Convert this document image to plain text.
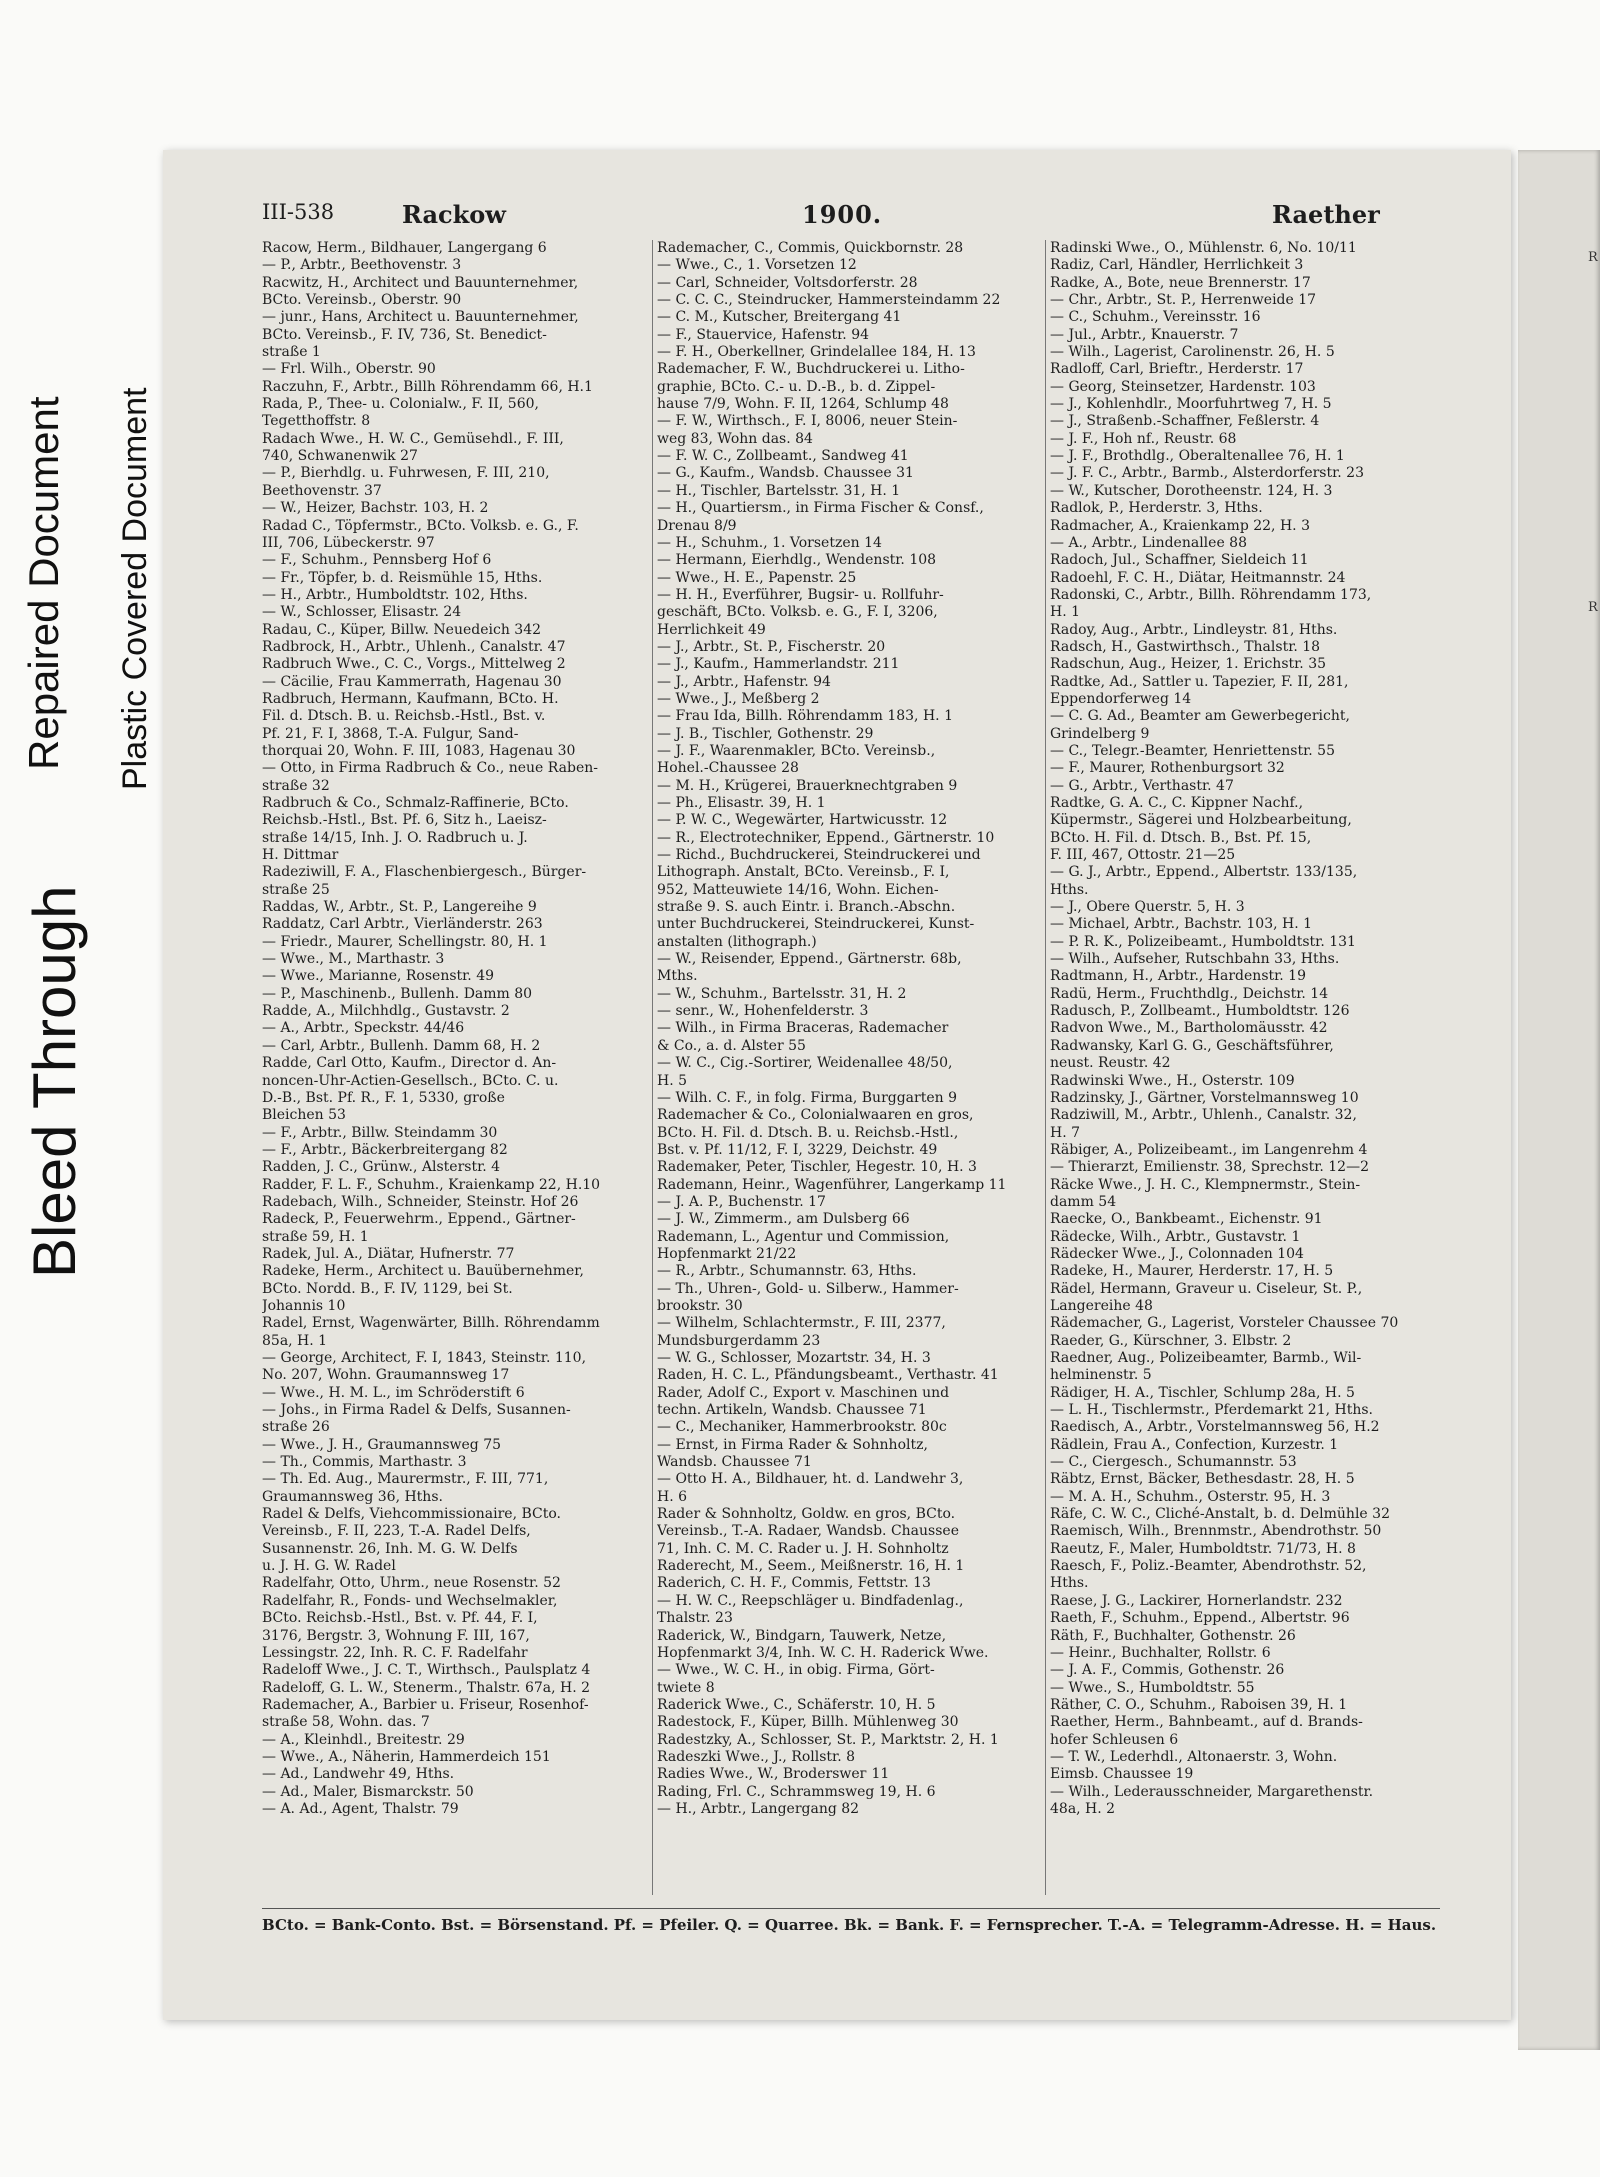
R
R
Bleed Through
Repaired Document Plastic Covered Document
III-538	Rackow	1900.	Raether
Racow, Herm., Bildhauer, Langergang 6
— P., Arbtr., Beethovenstr. 3
Racwitz, H., Architect und Bauunternehmer,
BCto. Vereinsb., Oberstr. 90
— junr., Hans, Architect u. Bauunternehmer,
BCto. Vereinsb., F. IV, 736, St. Benedict-
straße 1
— Frl. Wilh., Oberstr. 90
Raczuhn, F., Arbtr., Billh Röhrendamm 66, H.1
Rada, P., Thee- u. Colonialw., F. II, 560,
Tegetthoffstr. 8
Radach Wwe., H. W. C., Gemüsehdl., F. III,
740, Schwanenwik 27
— P., Bierhdlg. u. Fuhrwesen, F. III, 210,
Beethovenstr. 37
— W., Heizer, Bachstr. 103, H. 2
Radad C., Töpfermstr., BCto. Volksb. e. G., F.
III, 706, Lübeckerstr. 97
— F., Schuhm., Pennsberg Hof 6
— Fr., Töpfer, b. d. Reismühle 15, Hths.
— H., Arbtr., Humboldtstr. 102, Hths.
— W., Schlosser, Elisastr. 24
Radau, C., Küper, Billw. Neuedeich 342
Radbrock, H., Arbtr., Uhlenh., Canalstr. 47
Radbruch Wwe., C. C., Vorgs., Mittelweg 2
— Cäcilie, Frau Kammerrath, Hagenau 30
Radbruch, Hermann, Kaufmann, BCto. H.
Fil. d. Dtsch. B. u. Reichsb.-Hstl., Bst. v.
Pf. 21, F. I, 3868, T.-A. Fulgur, Sand-
thorquai 20, Wohn. F. III, 1083, Hagenau 30
— Otto, in Firma Radbruch & Co., neue Raben-
straße 32
Radbruch & Co., Schmalz-Raffinerie, BCto.
Reichsb.-Hstl., Bst. Pf. 6, Sitz h., Laeisz-
straße 14/15, Inh. J. O. Radbruch u. J.
H. Dittmar
Radeziwill, F. A., Flaschenbiergesch., Bürger-
straße 25
Raddas, W., Arbtr., St. P., Langereihe 9
Raddatz, Carl Arbtr., Vierländerstr. 263
— Friedr., Maurer, Schellingstr. 80, H. 1
— Wwe., M., Marthastr. 3
— Wwe., Marianne, Rosenstr. 49
— P., Maschinenb., Bullenh. Damm 80
Radde, A., Milchhdlg., Gustavstr. 2
— A., Arbtr., Speckstr. 44/46
— Carl, Arbtr., Bullenh. Damm 68, H. 2
Radde, Carl Otto, Kaufm., Director d. An-
noncen-Uhr-Actien-Gesellsch., BCto. C. u.
D.-B., Bst. Pf. R., F. 1, 5330, große
Bleichen 53
— F., Arbtr., Billw. Steindamm 30
— F., Arbtr., Bäckerbreitergang 82
Radden, J. C., Grünw., Alsterstr. 4
Radder, F. L. F., Schuhm., Kraienkamp 22, H.10
Radebach, Wilh., Schneider, Steinstr. Hof 26
Radeck, P., Feuerwehrm., Eppend., Gärtner-
straße 59, H. 1
Radek, Jul. A., Diätar, Hufnerstr. 77
Radeke, Herm., Architect u. Bauübernehmer,
BCto. Nordd. B., F. IV, 1129, bei St.
Johannis 10
Radel, Ernst, Wagenwärter, Billh. Röhrendamm
85a, H. 1
— George, Architect, F. I, 1843, Steinstr. 110,
No. 207, Wohn. Graumannsweg 17
— Wwe., H. M. L., im Schröderstift 6
— Johs., in Firma Radel & Delfs, Susannen-
straße 26
— Wwe., J. H., Graumannsweg 75
— Th., Commis, Marthastr. 3
— Th. Ed. Aug., Maurermstr., F. III, 771,
Graumannsweg 36, Hths.
Radel & Delfs, Viehcommissionaire, BCto.
Vereinsb., F. II, 223, T.-A. Radel Delfs,
Susannenstr. 26, Inh. M. G. W. Delfs
u. J. H. G. W. Radel
Radelfahr, Otto, Uhrm., neue Rosenstr. 52
Radelfahr, R., Fonds- und Wechselmakler,
BCto. Reichsb.-Hstl., Bst. v. Pf. 44, F. I,
3176, Bergstr. 3, Wohnung F. III, 167,
Lessingstr. 22, Inh. R. C. F. Radelfahr
Radeloff Wwe., J. C. T., Wirthsch., Paulsplatz 4
Radeloff, G. L. W., Stenerm., Thalstr. 67a, H. 2
Rademacher, A., Barbier u. Friseur, Rosenhof-
straße 58, Wohn. das. 7
— A., Kleinhdl., Breitestr. 29
— Wwe., A., Näherin, Hammerdeich 151
— Ad., Landwehr 49, Hths.
— Ad., Maler, Bismarckstr. 50
— A. Ad., Agent, Thalstr. 79
Rademacher, C., Commis, Quickbornstr. 28
— Wwe., C., 1. Vorsetzen 12
— Carl, Schneider, Voltsdorferstr. 28
— C. C. C., Steindrucker, Hammersteindamm 22
— C. M., Kutscher, Breitergang 41
— F., Stauervice, Hafenstr. 94
— F. H., Oberkellner, Grindelallee 184, H. 13
Rademacher, F. W., Buchdruckerei u. Litho-
graphie, BCto. C.- u. D.-B., b. d. Zippel-
hause 7/9, Wohn. F. II, 1264, Schlump 48
— F. W., Wirthsch., F. I, 8006, neuer Stein-
weg 83, Wohn das. 84
— F. W. C., Zollbeamt., Sandweg 41
— G., Kaufm., Wandsb. Chaussee 31
— H., Tischler, Bartelsstr. 31, H. 1
— H., Quartiersm., in Firma Fischer & Consf.,
Drenau 8/9
— H., Schuhm., 1. Vorsetzen 14
— Hermann, Eierhdlg., Wendenstr. 108
— Wwe., H. E., Papenstr. 25
— H. H., Everführer, Bugsir- u. Rollfuhr-
geschäft, BCto. Volksb. e. G., F. I, 3206,
Herrlichkeit 49
— J., Arbtr., St. P., Fischerstr. 20
— J., Kaufm., Hammerlandstr. 211
— J., Arbtr., Hafenstr. 94
— Wwe., J., Meßberg 2
— Frau Ida, Billh. Röhrendamm 183, H. 1
— J. B., Tischler, Gothenstr. 29
— J. F., Waarenmakler, BCto. Vereinsb.,
Hohel.-Chaussee 28
— M. H., Krügerei, Brauerknechtgraben 9
— Ph., Elisastr. 39, H. 1
— P. W. C., Wegewärter, Hartwicusstr. 12
— R., Electrotechniker, Eppend., Gärtnerstr. 10
— Richd., Buchdruckerei, Steindruckerei und
Lithograph. Anstalt, BCto. Vereinsb., F. I,
952, Matteuwiete 14/16, Wohn. Eichen-
straße 9. S. auch Eintr. i. Branch.-Abschn.
unter Buchdruckerei, Steindruckerei, Kunst-
anstalten (lithograph.)
— W., Reisender, Eppend., Gärtnerstr. 68b,
Mths.
— W., Schuhm., Bartelsstr. 31, H. 2
— senr., W., Hohenfelderstr. 3
— Wilh., in Firma Braceras, Rademacher
& Co., a. d. Alster 55
— W. C., Cig.-Sortirer, Weidenallee 48/50,
H. 5
— Wilh. C. F., in folg. Firma, Burggarten 9
Rademacher & Co., Colonialwaaren en gros,
BCto. H. Fil. d. Dtsch. B. u. Reichsb.-Hstl.,
Bst. v. Pf. 11/12, F. I, 3229, Deichstr. 49
Rademaker, Peter, Tischler, Hegestr. 10, H. 3
Rademann, Heinr., Wagenführer, Langerkamp 11
— J. A. P., Buchenstr. 17
— J. W., Zimmerm., am Dulsberg 66
Rademann, L., Agentur und Commission,
Hopfenmarkt 21/22
— R., Arbtr., Schumannstr. 63, Hths.
— Th., Uhren-, Gold- u. Silberw., Hammer-
brookstr. 30
— Wilhelm, Schlachtermstr., F. III, 2377,
Mundsburgerdamm 23
— W. G., Schlosser, Mozartstr. 34, H. 3
Raden, H. C. L., Pfändungsbeamt., Verthastr. 41
Rader, Adolf C., Export v. Maschinen und
techn. Artikeln, Wandsb. Chaussee 71
— C., Mechaniker, Hammerbrookstr. 80c
— Ernst, in Firma Rader & Sohnholtz,
Wandsb. Chaussee 71
— Otto H. A., Bildhauer, ht. d. Landwehr 3,
H. 6
Rader & Sohnholtz, Goldw. en gros, BCto.
Vereinsb., T.-A. Radaer, Wandsb. Chaussee
71, Inh. C. M. C. Rader u. J. H. Sohnholtz
Raderecht, M., Seem., Meißnerstr. 16, H. 1
Raderich, C. H. F., Commis, Fettstr. 13
— H. W. C., Reepschläger u. Bindfadenlag.,
Thalstr. 23
Raderick, W., Bindgarn, Tauwerk, Netze,
Hopfenmarkt 3/4, Inh. W. C. H. Raderick Wwe.
— Wwe., W. C. H., in obig. Firma, Gört-
twiete 8
Raderick Wwe., C., Schäferstr. 10, H. 5
Radestock, F., Küper, Billh. Mühlenweg 30
Radestzky, A., Schlosser, St. P., Marktstr. 2, H. 1
Radeszki Wwe., J., Rollstr. 8
Radies Wwe., W., Broderswег 11
Rading, Frl. C., Schrammsweg 19, H. 6
— H., Arbtr., Langergang 82
Radinski Wwe., O., Mühlenstr. 6, No. 10/11
Radiz, Carl, Händler, Herrlichkeit 3
Radke, A., Bote, neue Brennerstr. 17
— Chr., Arbtr., St. P., Herrenweide 17
— C., Schuhm., Vereinsstr. 16
— Jul., Arbtr., Knauerstr. 7
— Wilh., Lagerist, Carolinenstr. 26, H. 5
Radloff, Carl, Brieftr., Herderstr. 17
— Georg, Steinsetzer, Hardenstr. 103
— J., Kohlenhdlr., Moorfuhrtweg 7, H. 5
— J., Straßenb.-Schaffner, Feßlerstr. 4
— J. F., Hoh nf., Reustr. 68
— J. F., Brothdlg., Oberaltenallee 76, H. 1
— J. F. C., Arbtr., Barmb., Alsterdorferstr. 23
— W., Kutscher, Dorotheenstr. 124, H. 3
Radlok, P., Herderstr. 3, Hths.
Radmacher, A., Kraienkamp 22, H. 3
— A., Arbtr., Lindenallee 88
Radoch, Jul., Schaffner, Sieldeich 11
Radoehl, F. C. H., Diätar, Heitmannstr. 24
Radonski, C., Arbtr., Billh. Röhrendamm 173,
H. 1
Radoy, Aug., Arbtr., Lindleystr. 81, Hths.
Radsch, H., Gastwirthsch., Thalstr. 18
Radschun, Aug., Heizer, 1. Erichstr. 35
Radtke, Ad., Sattler u. Tapezier, F. II, 281,
Eppendorferweg 14
— C. G. Ad., Beamter am Gewerbegericht,
Grindelberg 9
— C., Telegr.-Beamter, Henriettenstr. 55
— F., Maurer, Rothenburgsort 32
— G., Arbtr., Verthastr. 47
Radtke, G. A. C., C. Kippner Nachf.,
Küpermstr., Sägerei und Holzbearbeitung,
BCto. H. Fil. d. Dtsch. B., Bst. Pf. 15,
F. III, 467, Ottostr. 21—25
— G. J., Arbtr., Eppend., Albertstr. 133/135,
Hths.
— J., Obere Querstr. 5, H. 3
— Michael, Arbtr., Bachstr. 103, H. 1
— P. R. K., Polizeibeamt., Humboldtstr. 131
— Wilh., Aufseher, Rutschbahn 33, Hths.
Radtmann, H., Arbtr., Hardenstr. 19
Radü, Herm., Fruchthdlg., Deichstr. 14
Radusch, P., Zollbeamt., Humboldtstr. 126
Radvon Wwe., M., Bartholomäusstr. 42
Radwansky, Karl G. G., Geschäftsführer,
neust. Reustr. 42
Radwinski Wwe., H., Osterstr. 109
Radzinsky, J., Gärtner, Vorstelmannsweg 10
Radziwill, M., Arbtr., Uhlenh., Canalstr. 32,
H. 7
Räbiger, A., Polizeibeamt., im Langenrehm 4
— Thierarzt, Emilienstr. 38, Sprechstr. 12—2
Räcke Wwe., J. H. C., Klempnermstr., Stein-
damm 54
Raecke, O., Bankbeamt., Eichenstr. 91
Rädecke, Wilh., Arbtr., Gustavstr. 1
Rädecker Wwe., J., Colonnaden 104
Radeke, H., Maurer, Herderstr. 17, H. 5
Rädel, Hermann, Graveur u. Ciseleur, St. P.,
Langereihe 48
Rädemacher, G., Lagerist, Vorsteler Chaussee 70
Raeder, G., Kürschner, 3. Elbstr. 2
Raedner, Aug., Polizeibeamter, Barmb., Wil-
helminenstr. 5
Rädiger, H. A., Tischler, Schlump 28a, H. 5
— L. H., Tischlermstr., Pferdemarkt 21, Hths.
Raedisch, A., Arbtr., Vorstelmannsweg 56, H.2
Rädlein, Frau A., Confection, Kurzestr. 1
— C., Ciergesch., Schumannstr. 53
Räbtz, Ernst, Bäcker, Bethesdastr. 28, H. 5
— M. A. H., Schuhm., Osterstr. 95, H. 3
Räfe, C. W. C., Cliché-Anstalt, b. d. Delmühle 32
Raemisch, Wilh., Brennmstr., Abendrothstr. 50
Raeutz, F., Maler, Humboldtstr. 71/73, H. 8
Raesch, F., Poliz.-Beamter, Abendrothstr. 52,
Hths.
Raese, J. G., Lackirer, Hornerlandstr. 232
Raeth, F., Schuhm., Eppend., Albertstr. 96
Räth, F., Buchhalter, Gothenstr. 26
— Heinr., Buchhalter, Rollstr. 6
— J. A. F., Commis, Gothenstr. 26
— Wwe., S., Humboldtstr. 55
Räther, C. O., Schuhm., Raboisen 39, H. 1
Raether, Herm., Bahnbeamt., auf d. Brands-
hofer Schleusen 6
— T. W., Lederhdl., Altonaerstr. 3, Wohn.
Eimsb. Chaussee 19
— Wilh., Lederausschneider, Margarethenstr.
48a, H. 2
BCto. = Bank-Conto. Bst. = Börsenstand. Pf. = Pfeiler. Q. = Quarree. Bk. = Bank. F. = Fernsprecher. T.-A. = Telegramm-Adresse. H. = Haus.
